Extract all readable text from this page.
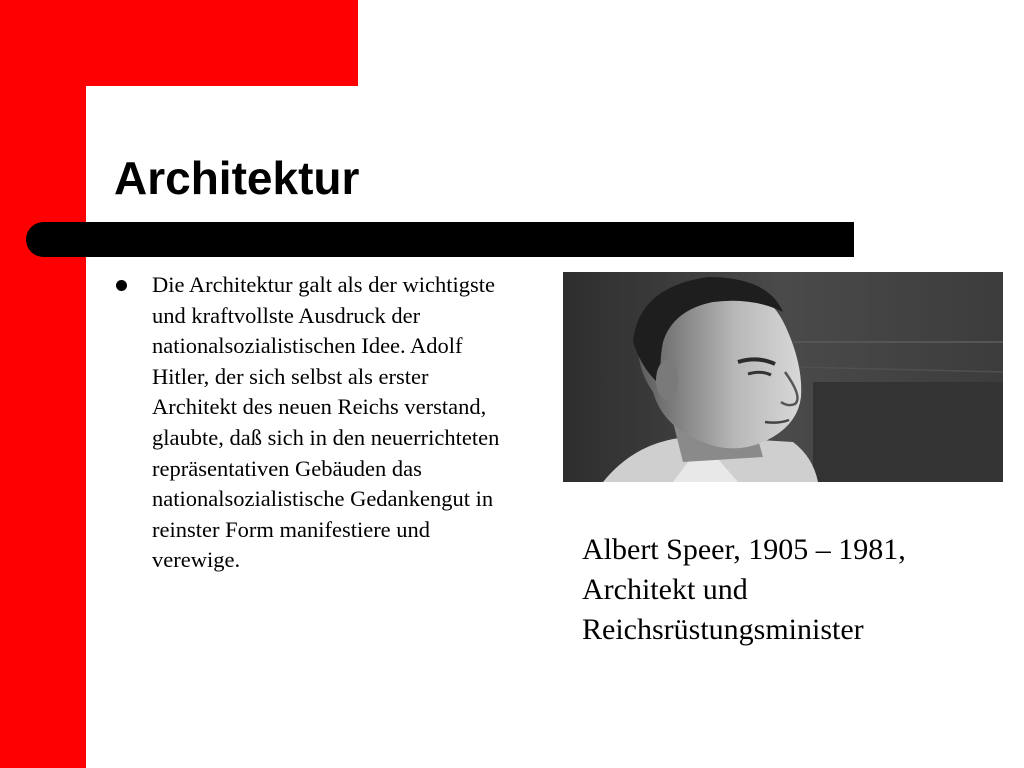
Architektur
Die Architektur galt als der wichtigste und kraftvollste Ausdruck der nationalsozialistischen Idee. Adolf Hitler, der sich selbst als erster Architekt des neuen Reichs verstand, glaubte, daß sich in den neuerrichteten repräsentativen Gebäuden das nationalsozialistische Gedankengut in reinster Form manifestiere und verewige.	Albert Speer, 1905 – 1981, Architekt und Reichsrüstungsminister
